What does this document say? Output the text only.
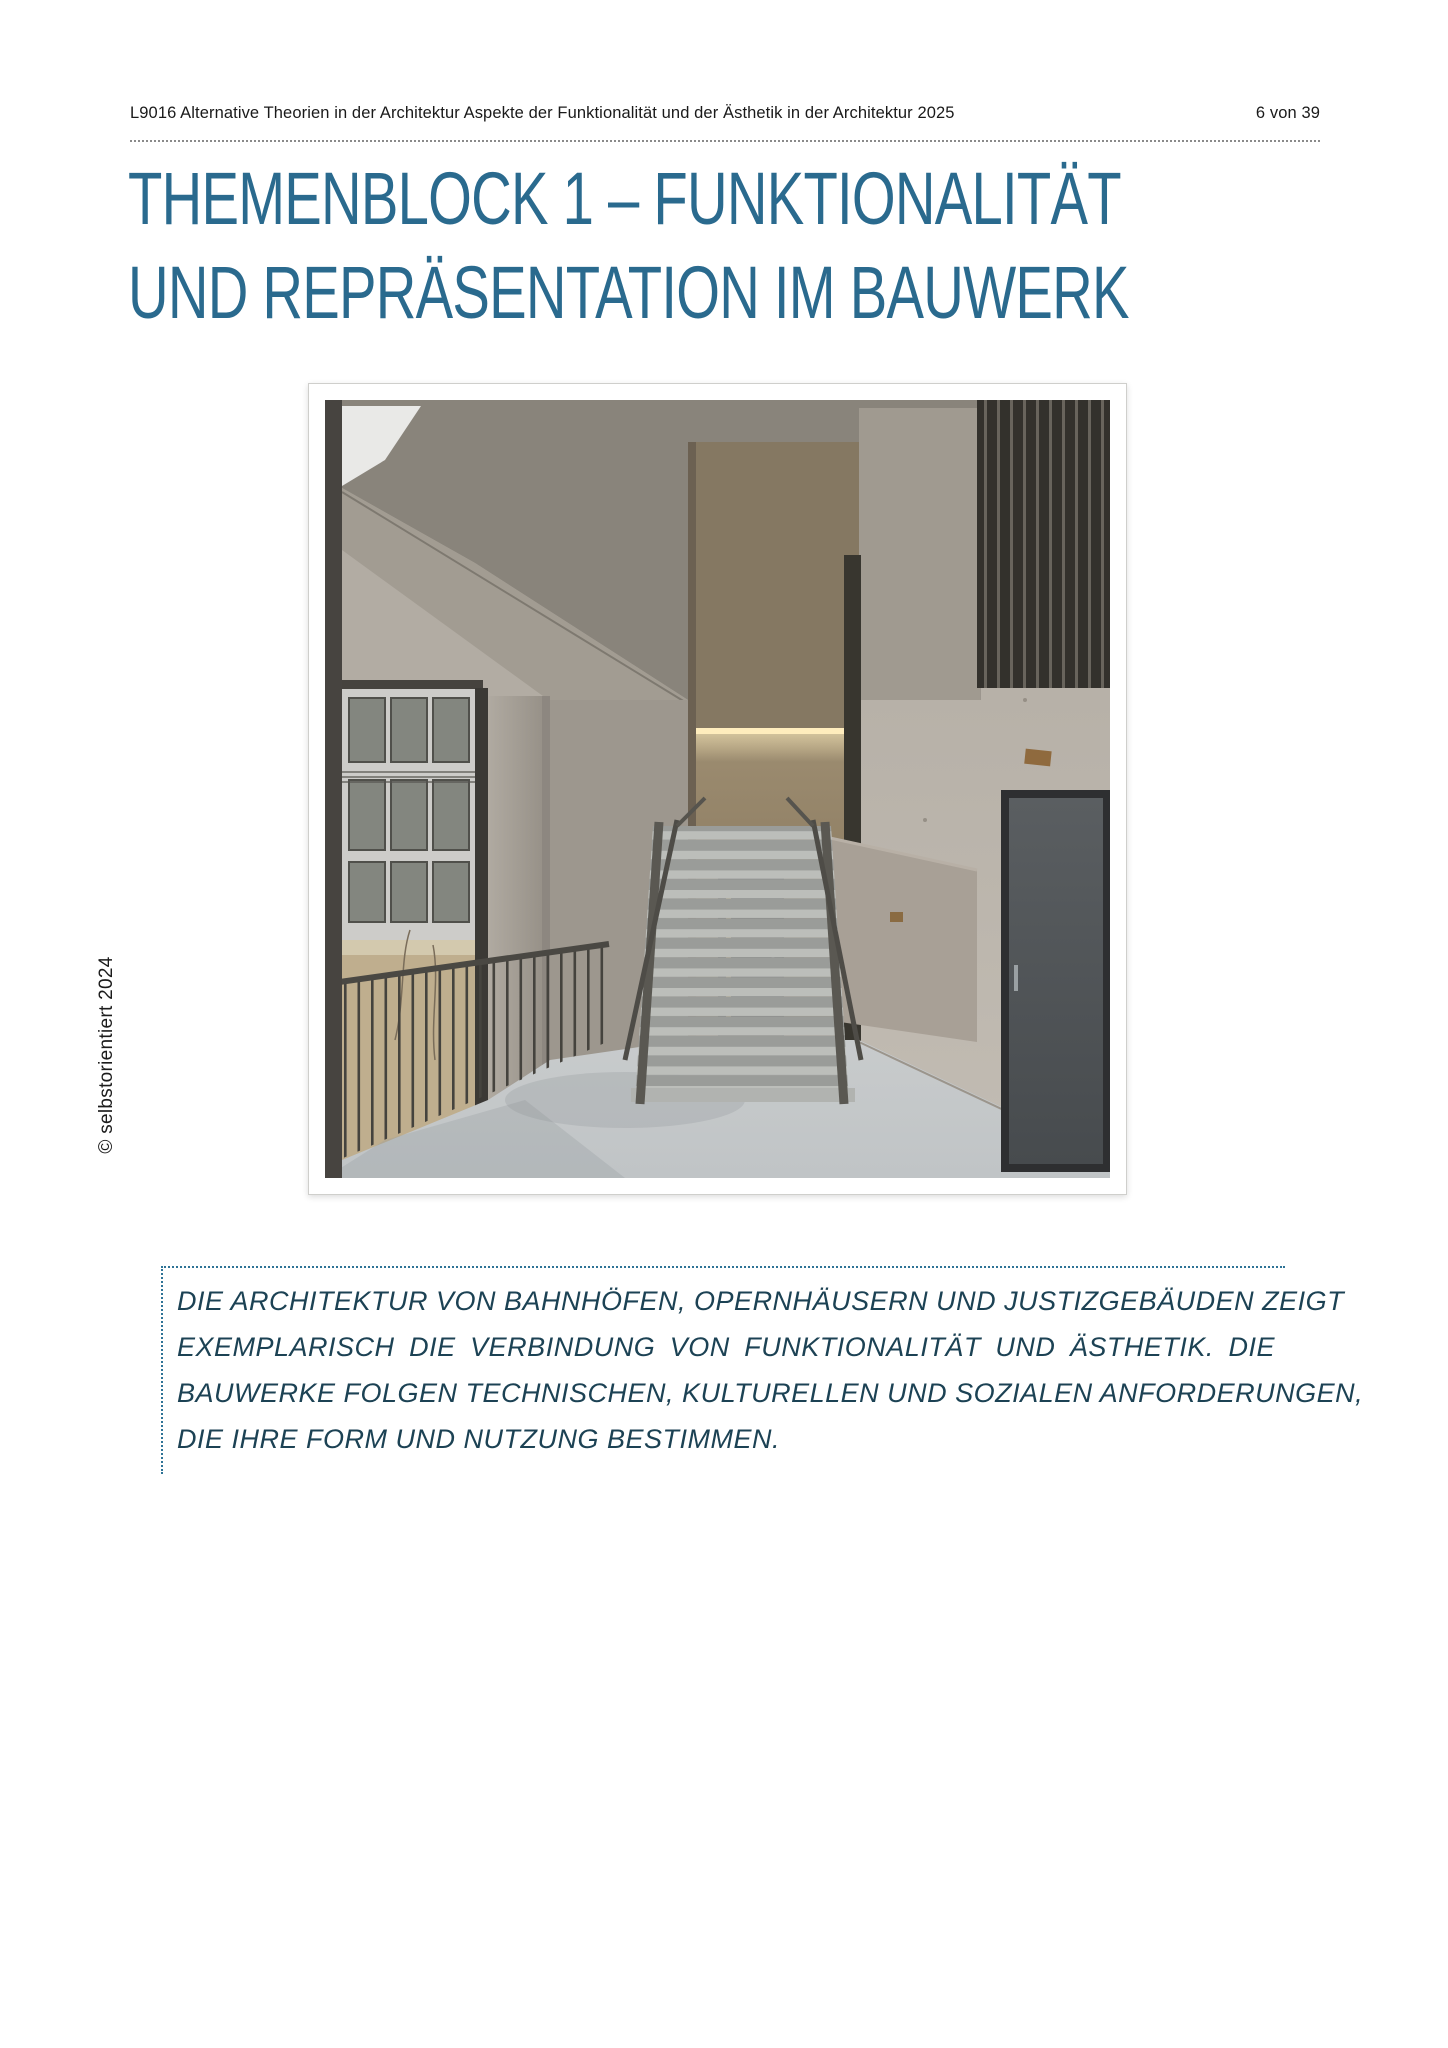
L9016 Alternative Theorien in der Architektur Aspekte der Funktionalität und der Ästhetik in der Architektur 2025	6 von 39
THEMENBLOCK 1 – FUNKTIONALITÄT
UND REPRÄSENTATION IM BAUWERK
© selbstorientiert 2024
DIE ARCHITEKTUR VON BAHNHÖFEN, OPERNHÄUSERN UND JUSTIZGEBÄUDEN ZEIGT
EXEMPLARISCH DIE VERBINDUNG VON FUNKTIONALITÄT UND ÄSTHETIK. DIE
BAUWERKE FOLGEN TECHNISCHEN, KULTURELLEN UND SOZIALEN ANFORDERUNGEN,
DIE IHRE FORM UND NUTZUNG BESTIMMEN.
